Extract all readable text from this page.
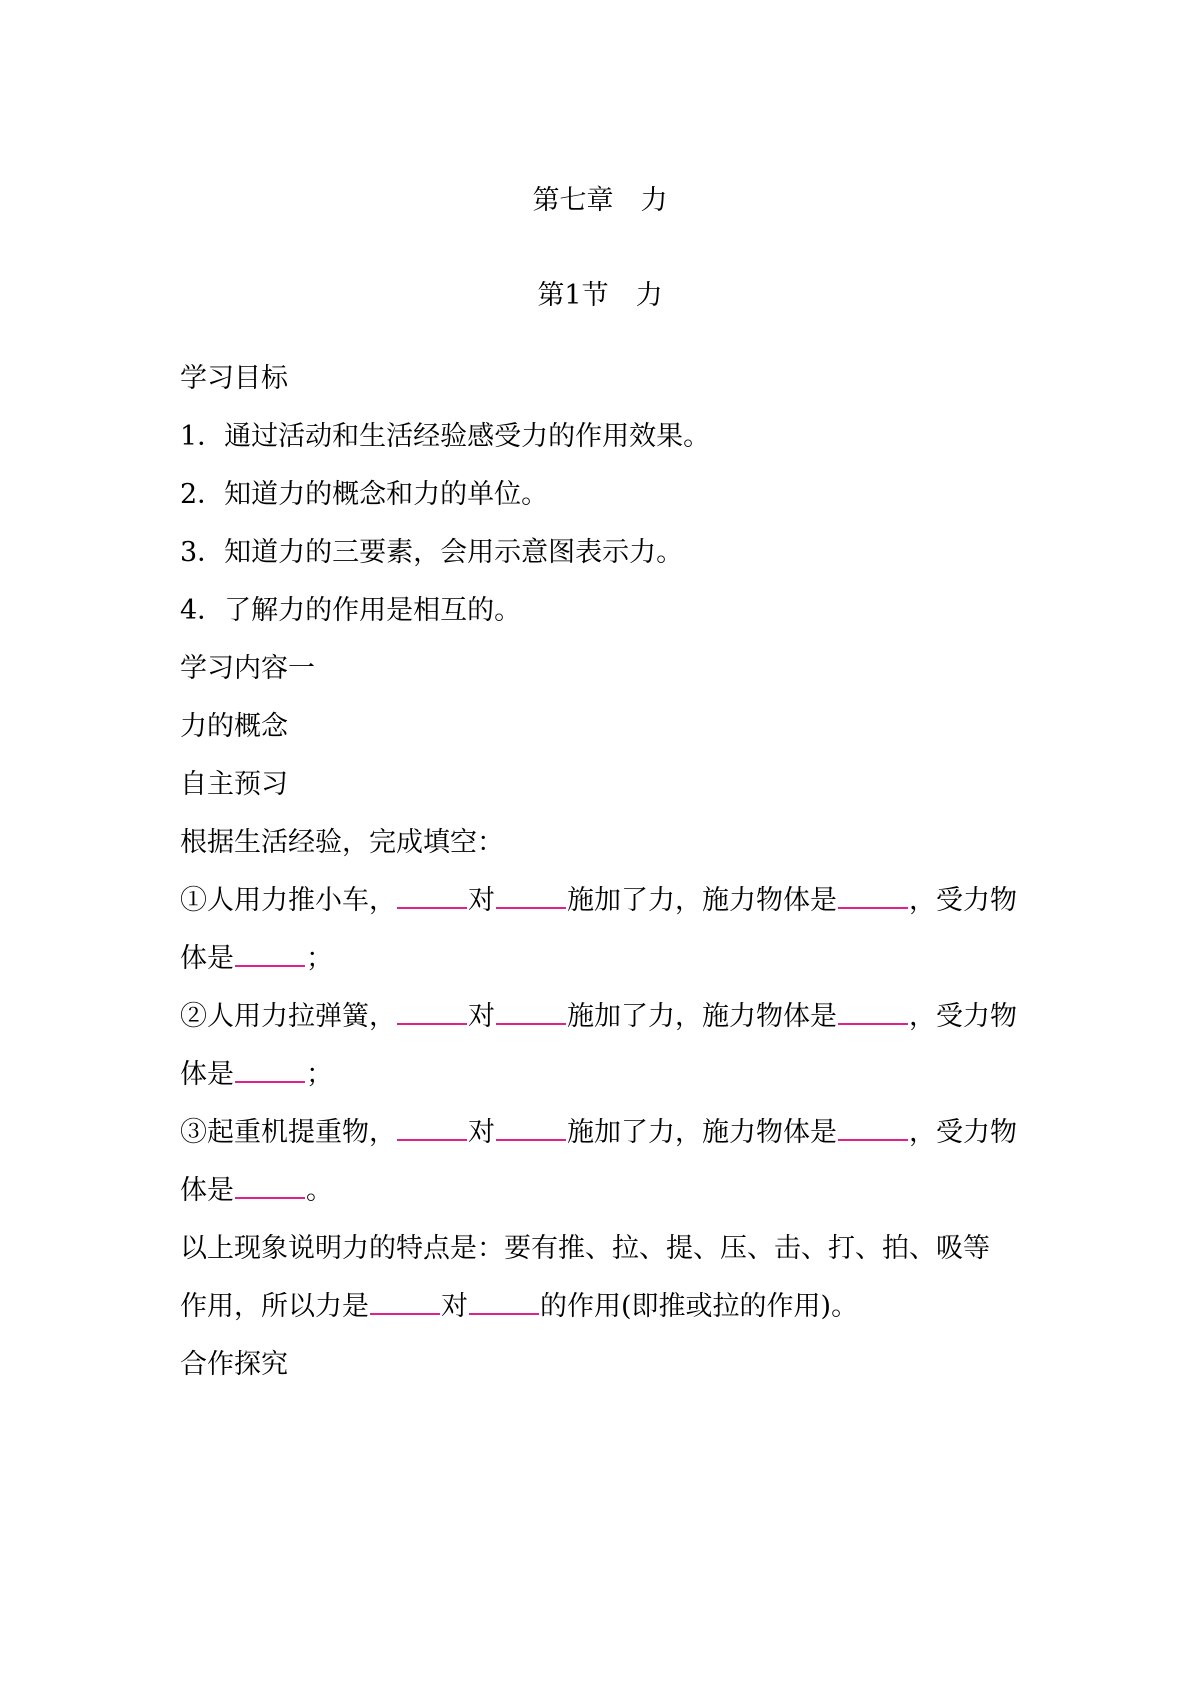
第七章　力
第1节　力
学习目标
1．通过活动和生活经验感受力的作用效果。
2．知道力的概念和力的单位。
3．知道力的三要素，会用示意图表示力。
4．了解力的作用是相互的。
学习内容一
力的概念
自主预习
根据生活经验，完成填空：
①人用力推小车，	对	施加了力，施力物体是	，受力物
体是	；
②人用力拉弹簧，	对	施加了力，施力物体是	，受力物
体是	；
③起重机提重物，	对	施加了力，施力物体是	，受力物
体是	。
以上现象说明力的特点是：要有推、拉、提、压、击、打、拍、吸等
作用，所以力是	对	的作用(即推或拉的作用)。
合作探究
